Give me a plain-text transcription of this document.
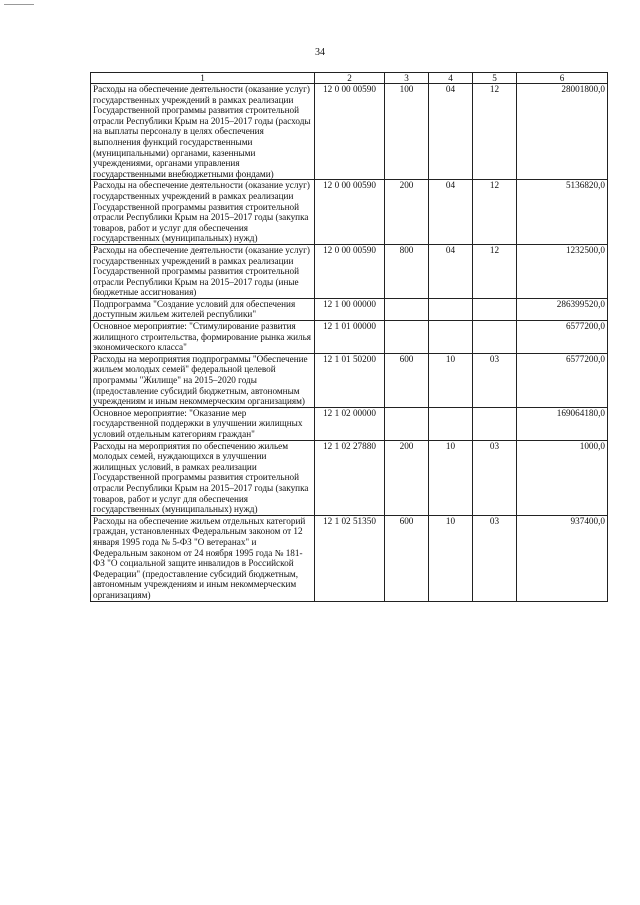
34
1	2	3	4	5	6
Расходы на обеспечение деятельности (оказание услуг) государственных учреждений в рамках реализации Государственной программы развития строительной отрасли Республики Крым на 2015–2017 годы (расходы на выплаты персоналу в целях обеспечения выполнения функций государственными (муниципальными) органами, казенными учреждениями, органами управления государственными внебюджетными фондами)	12 0 00 00590	100	04	12	28001800,0
Расходы на обеспечение деятельности (оказание услуг) государственных учреждений в рамках реализации Государственной программы развития строительной отрасли Республики Крым на 2015–2017 годы (закупка товаров, работ и услуг для обеспечения государственных (муниципальных) нужд)	12 0 00 00590	200	04	12	5136820,0
Расходы на обеспечение деятельности (оказание услуг) государственных учреждений в рамках реализации Государственной программы развития строительной отрасли Республики Крым на 2015–2017 годы (иные бюджетные ассигнования)	12 0 00 00590	800	04	12	1232500,0
Подпрограмма "Создание условий для обеспечения доступным жильем жителей республики"	12 1 00 00000				286399520,0
Основное мероприятие: "Стимулирование развития жилищного строительства, формирование рынка жилья экономического класса"	12 1 01 00000				6577200,0
Расходы на мероприятия подпрограммы "Обеспечение жильем молодых семей" федеральной целевой программы "Жилище" на 2015–2020 годы (предоставление субсидий бюджетным, автономным учреждениям и иным некоммерческим организациям)	12 1 01 50200	600	10	03	6577200,0
Основное мероприятие: "Оказание мер государственной поддержки в улучшении жилищных условий отдельным категориям граждан"	12 1 02 00000				169064180,0
Расходы на мероприятия по обеспечению жильем молодых семей, нуждающихся в улучшении жилищных условий, в рамках реализации Государственной программы развития строительной отрасли Республики Крым на 2015–2017 годы (закупка товаров, работ и услуг для обеспечения государственных (муниципальных) нужд)	12 1 02 27880	200	10	03	1000,0
Расходы на обеспечение жильем отдельных категорий граждан, установленных Федеральным законом от 12 января 1995 года № 5-ФЗ "О ветеранах" и Федеральным законом от 24 ноября 1995 года № 181-ФЗ "О социальной защите инвалидов в Российской Федерации" (предоставление субсидий бюджетным, автономным учреждениям и иным некоммерческим организациям)	12 1 02 51350	600	10	03	937400,0
